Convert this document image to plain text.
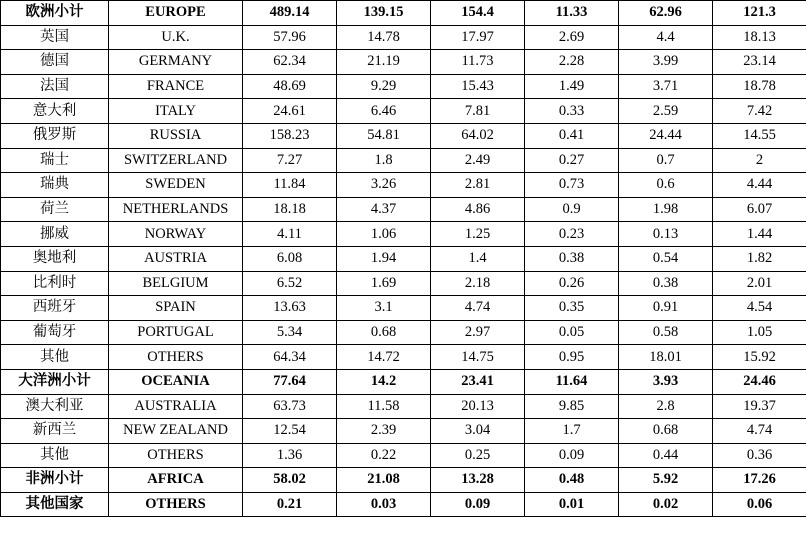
欧洲小计	EUROPE	489.14	139.15	154.4	11.33	62.96	121.3
英国	U.K.	57.96	14.78	17.97	2.69	4.4	18.13
德国	GERMANY	62.34	21.19	11.73	2.28	3.99	23.14
法国	FRANCE	48.69	9.29	15.43	1.49	3.71	18.78
意大利	ITALY	24.61	6.46	7.81	0.33	2.59	7.42
俄罗斯	RUSSIA	158.23	54.81	64.02	0.41	24.44	14.55
瑞士	SWITZERLAND	7.27	1.8	2.49	0.27	0.7	2
瑞典	SWEDEN	11.84	3.26	2.81	0.73	0.6	4.44
荷兰	NETHERLANDS	18.18	4.37	4.86	0.9	1.98	6.07
挪威	NORWAY	4.11	1.06	1.25	0.23	0.13	1.44
奥地利	AUSTRIA	6.08	1.94	1.4	0.38	0.54	1.82
比利时	BELGIUM	6.52	1.69	2.18	0.26	0.38	2.01
西班牙	SPAIN	13.63	3.1	4.74	0.35	0.91	4.54
葡萄牙	PORTUGAL	5.34	0.68	2.97	0.05	0.58	1.05
其他	OTHERS	64.34	14.72	14.75	0.95	18.01	15.92
大洋洲小计	OCEANIA	77.64	14.2	23.41	11.64	3.93	24.46
澳大利亚	AUSTRALIA	63.73	11.58	20.13	9.85	2.8	19.37
新西兰	NEW ZEALAND	12.54	2.39	3.04	1.7	0.68	4.74
其他	OTHERS	1.36	0.22	0.25	0.09	0.44	0.36
非洲小计	AFRICA	58.02	21.08	13.28	0.48	5.92	17.26
其他国家	OTHERS	0.21	0.03	0.09	0.01	0.02	0.06
